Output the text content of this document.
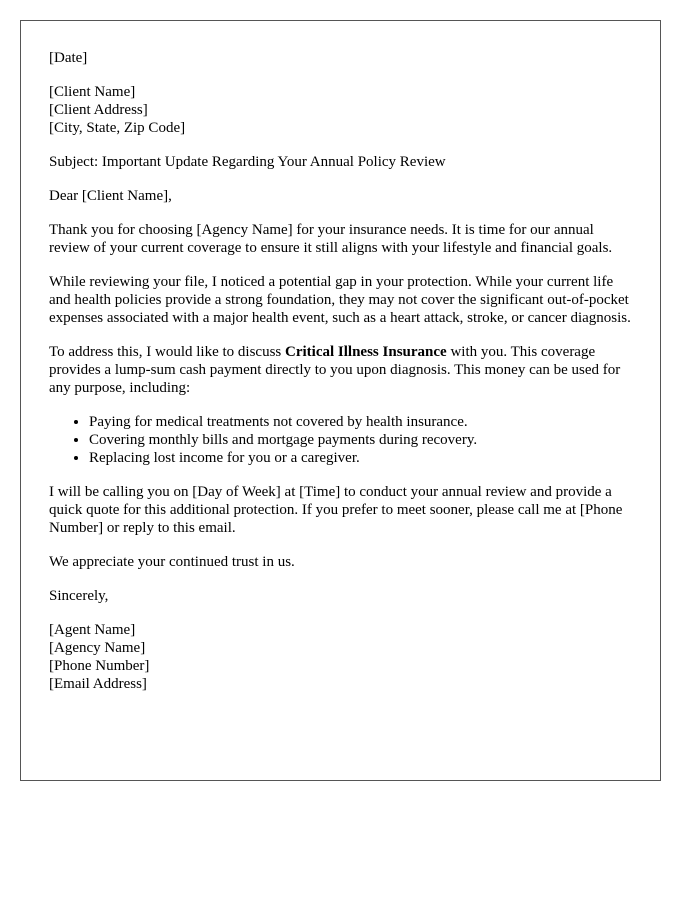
[Date]

[Client Name]
[Client Address]
[City, State, Zip Code]

Subject: Important Update Regarding Your Annual Policy Review

Dear [Client Name],

Thank you for choosing [Agency Name] for your insurance needs. It is time for our annual review of your current coverage to ensure it still aligns with your lifestyle and financial goals.

While reviewing your file, I noticed a potential gap in your protection. While your current life and health policies provide a strong foundation, they may not cover the significant out-of-pocket expenses associated with a major health event, such as a heart attack, stroke, or cancer diagnosis.

To address this, I would like to discuss Critical Illness Insurance with you. This coverage provides a lump-sum cash payment directly to you upon diagnosis. This money can be used for any purpose, including:

• Paying for medical treatments not covered by health insurance.
• Covering monthly bills and mortgage payments during recovery.
• Replacing lost income for you or a caregiver.

I will be calling you on [Day of Week] at [Time] to conduct your annual review and provide a quick quote for this additional protection. If you prefer to meet sooner, please call me at [Phone Number] or reply to this email.

We appreciate your continued trust in us.

Sincerely,

[Agent Name]
[Agency Name]
[Phone Number]
[Email Address]
